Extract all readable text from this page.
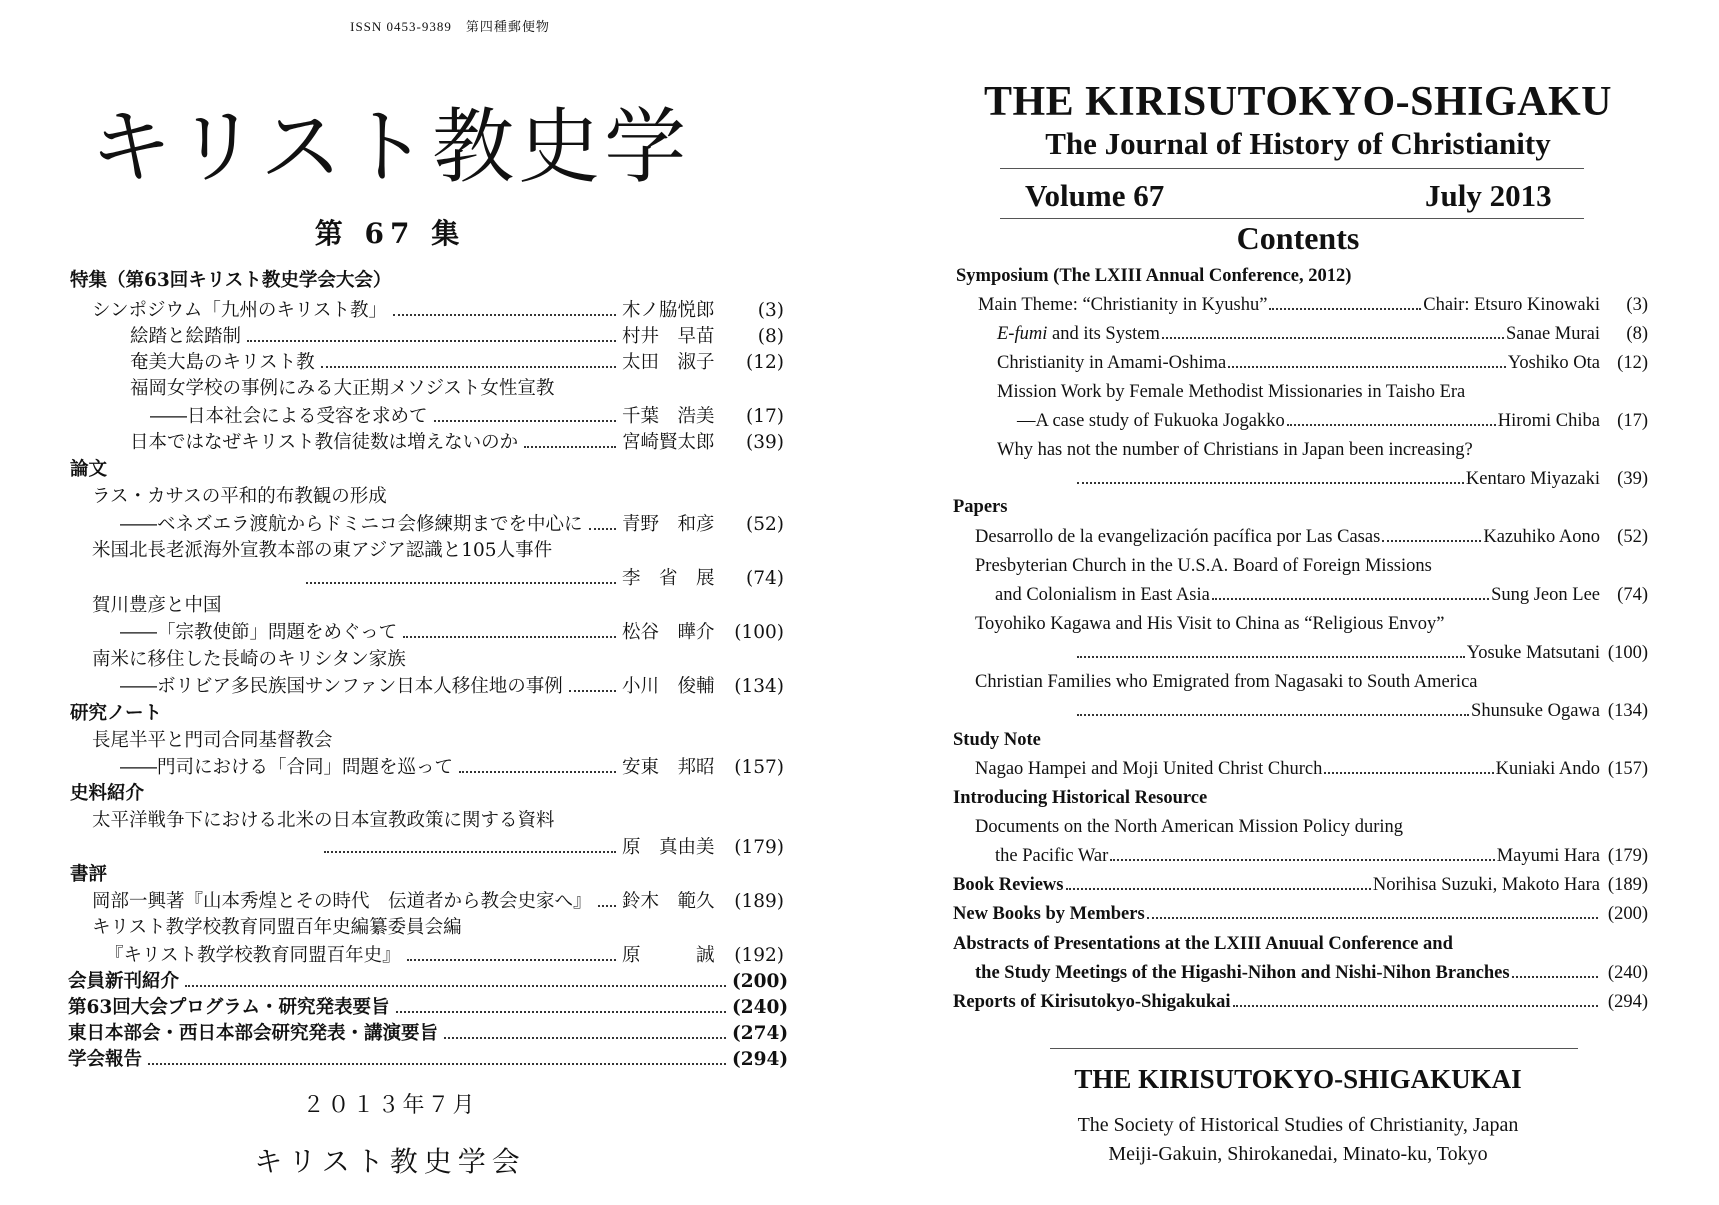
ISSN 0453-9389　第四種郵便物
キリスト教史学
第 67 集
特集（第63回キリスト教史学会大会）
シンポジウム「九州のキリスト教」	木ノ脇悦郎	(3)
絵踏と絵踏制	村井　早苗	(8)
奄美大島のキリスト教	太田　淑子	(12)
福岡女学校の事例にみる大正期メソジスト女性宣教
――日本社会による受容を求めて	千葉　浩美	(17)
日本ではなぜキリスト教信徒数は増えないのか	宮崎賢太郎	(39)
論文
ラス・カサスの平和的布教観の形成
――ベネズエラ渡航からドミニコ会修練期までを中心に 青野　和彦	(52)
米国北長老派海外宣教本部の東アジア認識と105人事件
李　省　展	(74)
賀川豊彦と中国
――「宗教使節」問題をめぐって	松谷　曄介	(100)
南米に移住した長崎のキリシタン家族
――ボリビア多民族国サンファン日本人移住地の事例	小川　俊輔	(134)
研究ノート
長尾半平と門司合同基督教会
――門司における「合同」問題を巡って	安東　邦昭	(157)
史料紹介
太平洋戦争下における北米の日本宣教政策に関する資料
原　真由美	(179)
書評
岡部一興著『山本秀煌とその時代　伝道者から教会史家へ』 鈴木　範久	(189)
キリスト教学校教育同盟百年史編纂委員会編
『キリスト教学校教育同盟百年史』	原　　　誠	(192)
会員新刊紹介	(200)
第63回大会プログラム・研究発表要旨	(240)
東日本部会・西日本部会研究発表・講演要旨	(274)
学会報告	(294)
２０１３年７月
キリスト教史学会
THE KIRISUTOKYO-SHIGAKU
The Journal of History of Christianity
Volume 67	July 2013
Contents
Symposium (The LXIII Annual Conference, 2012)
Main Theme: “Christianity in Kyushu”	Chair: Etsuro Kinowaki	(3)
E-fumi and its System	Sanae Murai	(8)
Christianity in Amami-Oshima	Yoshiko Ota (12)
Mission Work by Female Methodist Missionaries in Taisho Era
—A case study of Fukuoka Jogakko	Hiromi Chiba (17)
Why has not the number of Christians in Japan been increasing?
Kentaro Miyazaki (39)
Papers
Desarrollo de la evangelización pacífica por Las Casas	Kazuhiko Aono (52)
Presbyterian Church in the U.S.A. Board of Foreign Missions
and Colonialism in East Asia	Sung Jeon Lee (74)
Toyohiko Kagawa and His Visit to China as “Religious Envoy”
Yosuke Matsutani (100)
Christian Families who Emigrated from Nagasaki to South America
Shunsuke Ogawa (134)
Study Note
Nagao Hampei and Moji United Christ Church	Kuniaki Ando (157)
Introducing Historical Resource
Documents on the North American Mission Policy during
the Pacific War	Mayumi Hara (179)
Book Reviews	Norihisa Suzuki, Makoto Hara (189)
New Books by Members	(200)
Abstracts of Presentations at the LXIII Anuual Conference and
the Study Meetings of the Higashi-Nihon and Nishi-Nihon Branches	(240)
Reports of Kirisutokyo-Shigakukai	(294)
THE KIRISUTOKYO-SHIGAKUKAI
The Society of Historical Studies of Christianity, Japan
Meiji-Gakuin, Shirokanedai, Minato-ku, Tokyo
